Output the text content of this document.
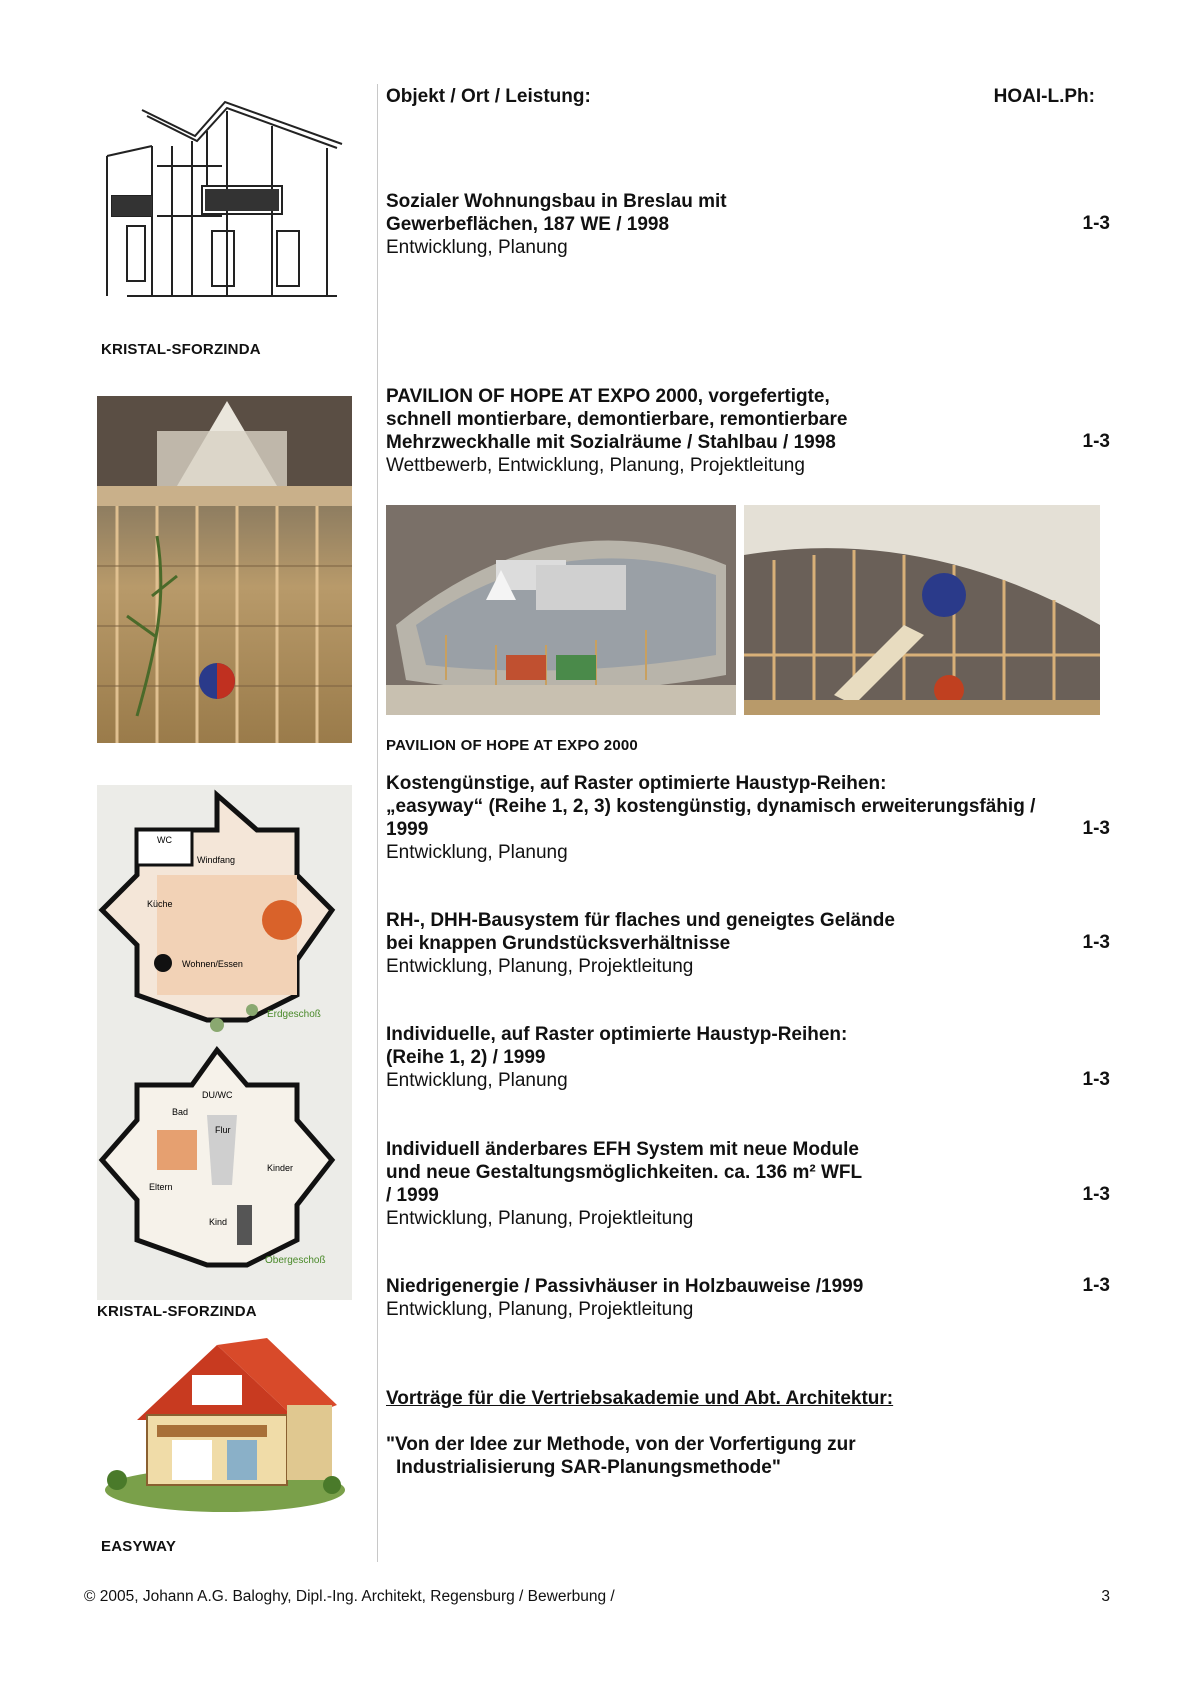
Objekt / Ort / Leistung:	HOAI-L.Ph:
KRISTAL-SFORZINDA
PAVILION OF HOPE AT EXPO 2000
WC
Windfang
Küche
Wohnen/Essen
Erdgeschoß
DU/WC
Bad
Flur
Kinder
Eltern
Kind
Obergeschoß
KRISTAL-SFORZINDA
EASYWAY
Sozialer Wohnungsbau in Breslau mit
Gewerbeflächen, 187 WE / 1998
Entwicklung, Planung
1-3
PAVILION OF HOPE AT EXPO 2000, vorgefertigte,
schnell montierbare, demontierbare, remontierbare
Mehrzweckhalle mit Sozialräume / Stahlbau / 1998
Wettbewerb, Entwicklung, Planung, Projektleitung
1-3
Kostengünstige, auf Raster optimierte Haustyp-Reihen:
„easyway“ (Reihe 1, 2, 3) kostengünstig, dynamisch erweiterungsfähig /
1999
Entwicklung, Planung
1-3
RH-, DHH-Bausystem für flaches und geneigtes Gelände
bei knappen Grundstücksverhältnisse
Entwicklung, Planung, Projektleitung
1-3
Individuelle, auf Raster optimierte Haustyp-Reihen:
(Reihe 1, 2) / 1999
Entwicklung, Planung	1-3
Individuell änderbares EFH System mit neue Module
und neue Gestaltungsmöglichkeiten. ca. 136 m² WFL
/ 1999
Entwicklung, Planung, Projektleitung
1-3
Niedrigenergie / Passivhäuser in Holzbauweise /1999
Entwicklung, Planung, Projektleitung
1-3
Vorträge für die Vertriebsakademie und Abt. Architektur:
"Von der Idee zur Methode, von der Vorfertigung zur
Industrialisierung SAR-Planungsmethode"
© 2005, Johann A.G. Baloghy, Dipl.-Ing. Architekt, Regensburg / Bewerbung /	3
